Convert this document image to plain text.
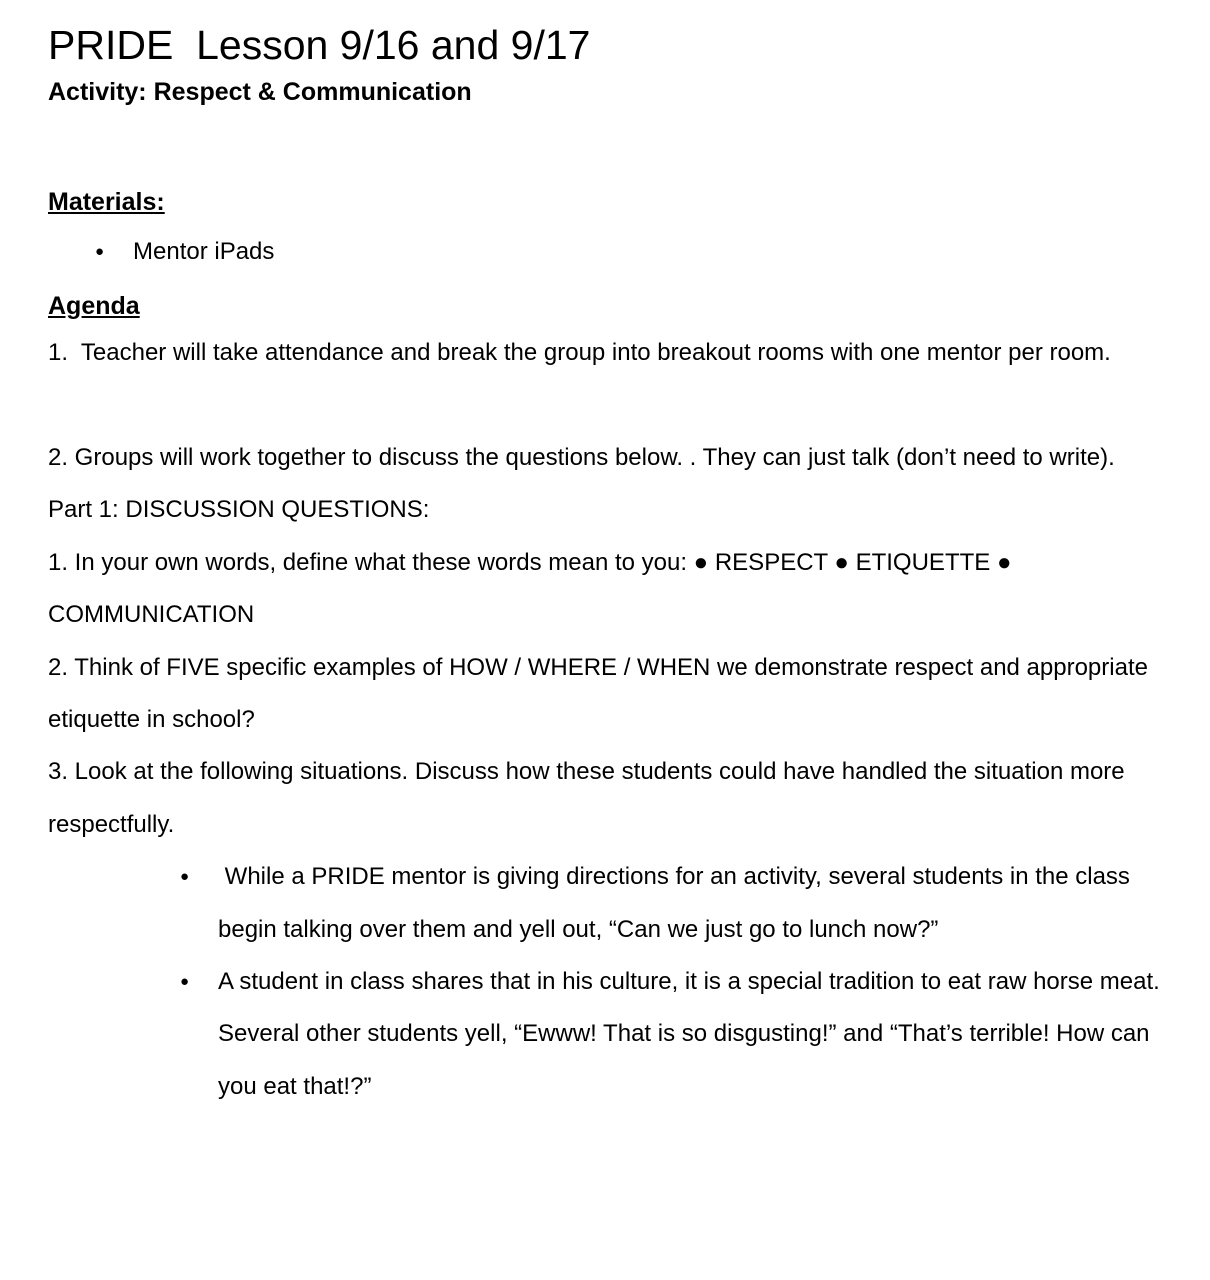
PRIDE  Lesson 9/16 and 9/17
Activity: Respect & Communication
Materials:
●	Mentor iPads
Agenda

1.  Teacher will take attendance and break the group into breakout rooms with one mentor per room.

2. Groups will work together to discuss the questions below. . They can just talk (don’t need to write).

Part 1: DISCUSSION QUESTIONS:

1. In your own words, define what these words mean to you: ● RESPECT ● ETIQUETTE ● COMMUNICATION

2. Think of FIVE specific examples of HOW / WHERE / WHEN we demonstrate respect and appropriate etiquette in school?

3. Look at the following situations. Discuss how these students could have handled the situation more respectfully.

●	While a PRIDE mentor is giving directions for an activity, several students in the class begin talking over them and yell out, “Can we just go to lunch now?”
●	A student in class shares that in his culture, it is a special tradition to eat raw horse meat. Several other students yell, “Ewww! That is so disgusting!” and “That’s terrible! How can you eat that!?”
